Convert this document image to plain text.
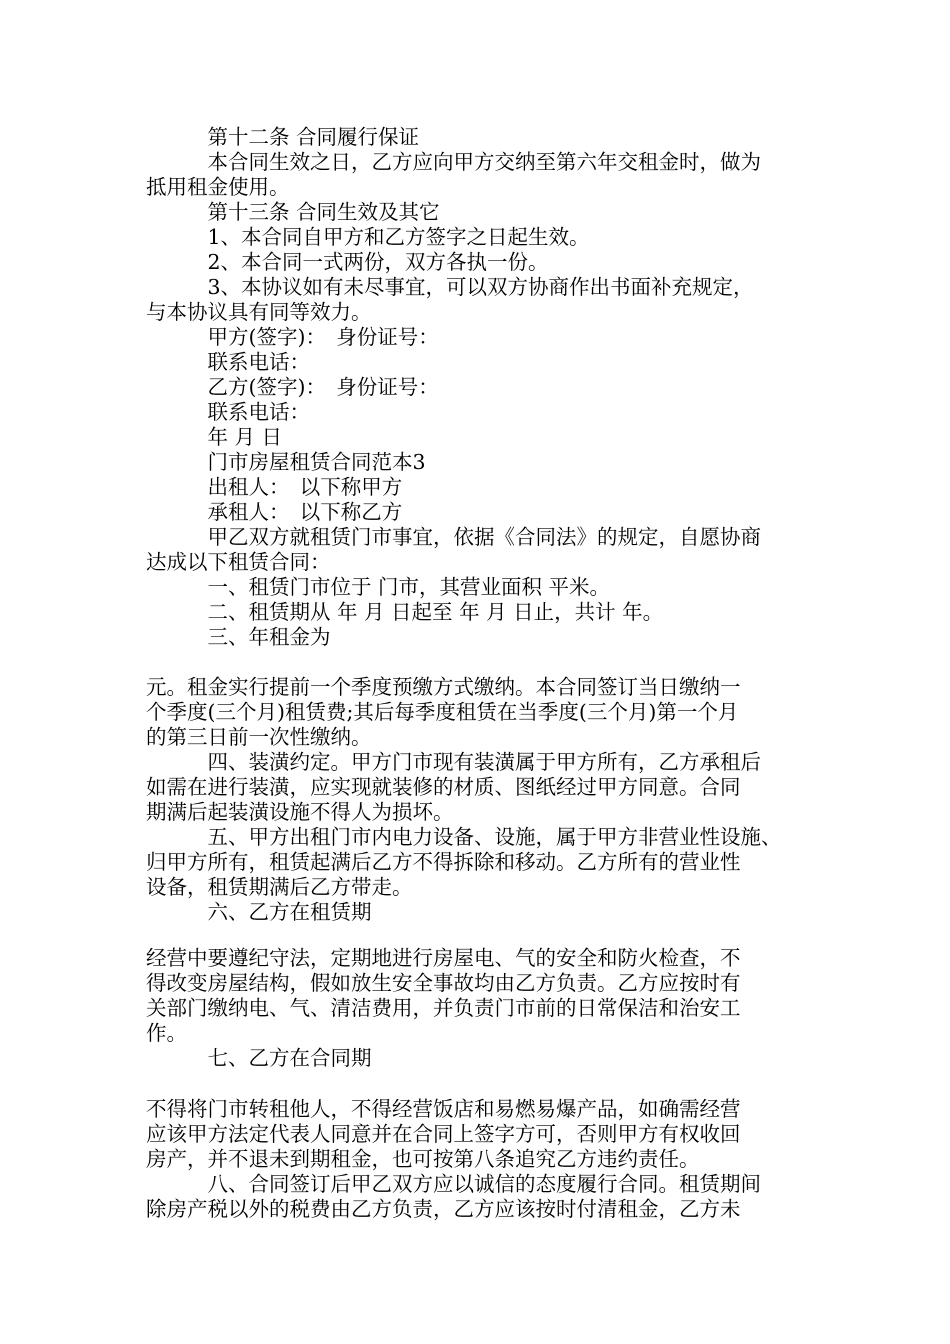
　　　第十二条 合同履行保证
　　　本合同生效之日，乙方应向甲方交纳至第六年交租金时，做为
抵用租金使用。
　　　第十三条 合同生效及其它
　　　1、本合同自甲方和乙方签字之日起生效。
　　　2、本合同一式两份，双方各执一份。
　　　3、本协议如有未尽事宜，可以双方协商作出书面补充规定，
与本协议具有同等效力。
　　　甲方(签字)：　身份证号：
　　　联系电话：
　　　乙方(签字)：　身份证号：
　　　联系电话：
　　　年 月 日
　　　门市房屋租赁合同范本3
　　　出租人：　以下称甲方
　　　承租人：　以下称乙方
　　　甲乙双方就租赁门市事宜，依据《合同法》的规定，自愿协商
达成以下租赁合同：
　　　一、租赁门市位于 门市，其营业面积 平米。
　　　二、租赁期从 年 月 日起至 年 月 日止，共计 年。
　　　三、年租金为
元。租金实行提前一个季度预缴方式缴纳。本合同签订当日缴纳一
个季度(三个月)租赁费;其后每季度租赁在当季度(三个月)第一个月
的第三日前一次性缴纳。
　　　四、装潢约定。甲方门市现有装潢属于甲方所有，乙方承租后
如需在进行装潢，应实现就装修的材质、图纸经过甲方同意。合同
期满后起装潢设施不得人为损坏。
　　　五、甲方出租门市内电力设备、设施，属于甲方非营业性设施、
归甲方所有，租赁起满后乙方不得拆除和移动。乙方所有的营业性
设备，租赁期满后乙方带走。
　　　六、乙方在租赁期
经营中要遵纪守法，定期地进行房屋电、气的安全和防火检查，不
得改变房屋结构，假如放生安全事故均由乙方负责。乙方应按时有
关部门缴纳电、气、清洁费用，并负责门市前的日常保洁和治安工
作。
　　　七、乙方在合同期
不得将门市转租他人，不得经营饭店和易燃易爆产品，如确需经营
应该甲方法定代表人同意并在合同上签字方可，否则甲方有权收回
房产，并不退未到期租金，也可按第八条追究乙方违约责任。
　　　八、合同签订后甲乙双方应以诚信的态度履行合同。租赁期间
除房产税以外的税费由乙方负责，乙方应该按时付清租金，乙方未
